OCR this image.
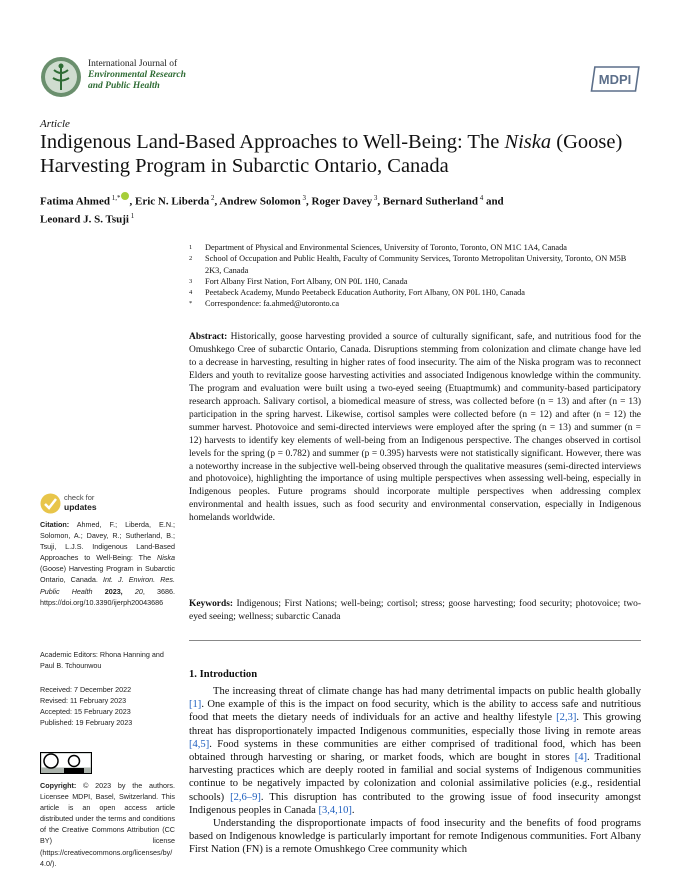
International Journal of
Environmental Research
and Public Health	MDPI
Article
Indigenous Land-Based Approaches to Well-Being: The Niska (Goose) Harvesting Program in Subarctic Ontario, Canada
Fatima Ahmed $^{1,*}$ , Eric N. Liberda $^2$, Andrew Solomon $^3$, Roger Davey $^3$, Bernard Sutherland $^4$ and
Leonard J. S. Tsuji $^1$
1	Department of Physical and Environmental Sciences, University of Toronto, Toronto, ON M1C 1A4, Canada
2	School of Occupation and Public Health, Faculty of Community Services, Toronto Metropolitan University, Toronto, ON M5B 2K3, Canada
3	Fort Albany First Nation, Fort Albany, ON P0L 1H0, Canada
4	Peetabeck Academy, Mundo Peetabeck Education Authority, Fort Albany, ON P0L 1H0, Canada
*	Correspondence: fa.ahmed@utoronto.ca
Abstract: Historically, goose harvesting provided a source of culturally significant, safe, and nutritious food for the Omushkego Cree of subarctic Ontario, Canada. Disruptions stemming from colonization and climate change have led to a decrease in harvesting, resulting in higher rates of food insecurity. The aim of the Niska program was to reconnect Elders and youth to revitalize goose harvesting activities and associated Indigenous knowledge within the community. The program and evaluation were built using a two-eyed seeing (Etuaptmumk) and community-based participatory research approach. Salivary cortisol, a biomedical measure of stress, was collected before (n = 13) and after (n = 13) participation in the spring harvest. Likewise, cortisol samples were collected before (n = 12) and after (n = 12) the summer harvest. Photovoice and semi-directed interviews were employed after the spring (n = 13) and summer (n = 12) harvests to identify key elements of well-being from an Indigenous perspective. The changes observed in cortisol levels for the spring (p = 0.782) and summer (p = 0.395) harvests were not statistically significant. However, there was a noteworthy increase in the subjective well-being observed through the qualitative measures (semi-directed interviews and photovoice), highlighting the importance of using multiple perspectives when assessing well-being, especially in Indigenous peoples. Future programs should incorporate multiple perspectives when addressing complex environmental and health issues, such as food security and environmental conservation, especially in Indigenous homelands worldwide.
Keywords: Indigenous; First Nations; well-being; cortisol; stress; goose harvesting; food security; photovoice; two-eyed seeing; wellness; subarctic Canada
1. Introduction

The increasing threat of climate change has had many detrimental impacts on public health globally [1]. One example of this is the impact on food security, which is the ability to access safe and nutritious food that meets the dietary needs of individuals for an active and healthy lifestyle [2,3]. This growing threat has disproportionately impacted Indigenous communities, especially those living in remote areas [4,5]. Food systems in these communities are either comprised of traditional food, which has been obtained through harvesting or sharing, or market foods, which are bought in stores [4]. Traditional harvesting practices which are deeply rooted in familial and social systems of Indigenous communities continue to be negatively impacted by colonization and colonial assimilative policies (e.g., residential schools) [2,6–9]. This disruption has contributed to the growing issue of food insecurity amongst Indigenous peoples in Canada [3,4,10].

Understanding the disproportionate impacts of food insecurity and the benefits of food programs based on Indigenous knowledge is particularly important for remote Indigenous communities. Fort Albany First Nation (FN) is a remote Omushkego Cree community which

check for
updates
Citation: Ahmed, F.; Liberda, E.N.; Solomon, A.; Davey, R.; Sutherland, B.; Tsuji, L.J.S. Indigenous Land-Based Approaches to Well-Being: The Niska (Goose) Harvesting Program in Subarctic Ontario, Canada. Int. J. Environ. Res. Public Health 2023, 20, 3686. https://doi.org/10.3390/ijerph20043686
Academic Editors: Rhona Hanning and Paul B. Tchounwou
Received: 7 December 2022
Revised: 11 February 2023
Accepted: 15 February 2023
Published: 19 February 2023
Copyright: © 2023 by the authors. Licensee MDPI, Basel, Switzerland. This article is an open access article distributed under the terms and conditions of the Creative Commons Attribution (CC BY) license (https://creativecommons.org/licenses/by/ 4.0/).
